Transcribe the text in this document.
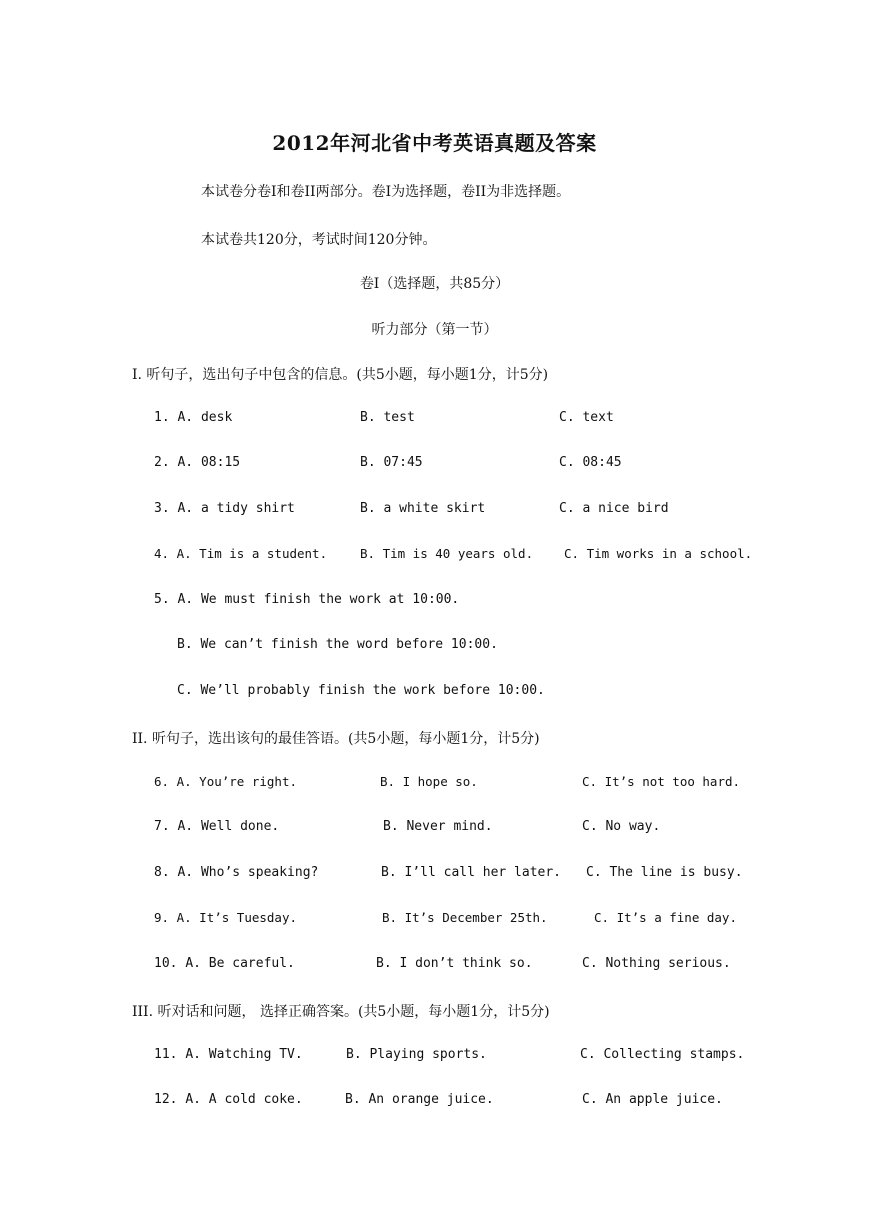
2012年河北省中考英语真题及答案
本试卷分卷I和卷II两部分。卷I为选择题，卷II为非选择题。
本试卷共120分，考试时间120分钟。
卷I（选择题，共85分）
听力部分（第一节）
I. 听句子，选出句子中包含的信息。(共5小题，每小题1分，计5分)
1. A. desk	B. test	C. text
2. A. 08:15	B. 07:45	C. 08:45
3. A. a tidy shirt	B. a white skirt	C. a nice bird
4. A. Tim is a student.	B. Tim is 40 years old. C. Tim works in a school.
5. A. We must finish the work at 10:00.
B. We can’t finish the word before 10:00.
C. We’ll probably finish the work before 10:00.
II. 听句子，选出该句的最佳答语。(共5小题，每小题1分，计5分)
6. A. You’re right.	B. I hope so.	C. It’s not too hard.
7. A. Well done.	B. Never mind.	C. No way.
8. A. Who’s speaking?	B. I’ll call her later. C. The line is busy.
9. A. It’s Tuesday.	B. It’s December 25th.	C. It’s a fine day.
10. A. Be careful.	B. I don’t think so.	C. Nothing serious.
III. 听对话和问题， 选择正确答案。(共5小题，每小题1分，计5分)
11. A. Watching TV.	B. Playing sports.	C. Collecting stamps.
12. A. A cold coke.	B. An orange juice.	C. An apple juice.
